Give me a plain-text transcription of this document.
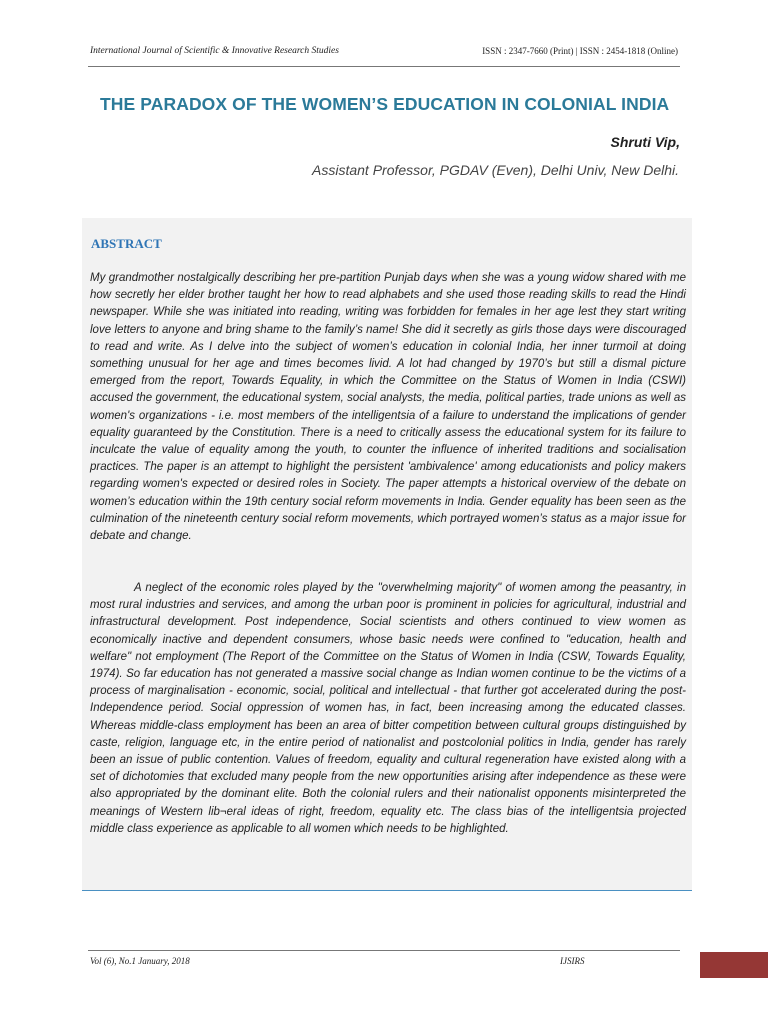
International Journal of Scientific & Innovative Research Studies	ISSN : 2347-7660 (Print) | ISSN : 2454-1818 (Online)
THE PARADOX OF THE WOMEN’S EDUCATION IN COLONIAL INDIA
Shruti Vip,
Assistant Professor, PGDAV (Even), Delhi Univ, New Delhi.
ABSTRACT

My grandmother nostalgically describing her pre-partition Punjab days when she was a young widow shared with me how secretly her elder brother taught her how to read alphabets and she used those reading skills to read the Hindi newspaper. While she was initiated into reading, writing was forbidden for females in her age lest they start writing love letters to anyone and bring shame to the family’s name! She did it secretly as girls those days were discouraged to read and write. As I delve into the subject of women’s education in colonial India, her inner turmoil at doing something unusual for her age and times becomes livid. A lot had changed by 1970’s but still a dismal picture emerged from the report, Towards Equality, in which the Committee on the Status of Women in India (CSWI) accused the government, the educational system, social analysts, the media, political parties, trade unions as well as women's organizations - i.e. most members of the intelligentsia of a failure to understand the implications of gender equality guaranteed by the Constitution. There is a need to critically assess the educational system for its failure to inculcate the value of equality among the youth, to counter the influence of inherited traditions and socialisation practices. The paper is an attempt to highlight the persistent 'ambivalence' among educationists and policy makers regarding women's expected or desired roles in Society. The paper attempts a historical overview of the debate on women’s education within the 19th century social reform movements in India. Gender equality has been seen as the culmination of the nineteenth century social reform movements, which portrayed women’s status as a major issue for debate and change.

A neglect of the economic roles played by the "overwhelming majority" of women among the peasantry, in most rural industries and services, and among the urban poor is prominent in policies for agricultural, industrial and infrastructural development. Post independence, Social scientists and others continued to view women as economically inactive and dependent consumers, whose basic needs were confined to "education, health and welfare" not employment (The Report of the Committee on the Status of Women in India (CSW, Towards Equality, 1974). So far education has not generated a massive social change as Indian women continue to be the victims of a process of marginalisation - economic, social, political and intellectual - that further got accelerated during the post-Independence period. Social oppression of women has, in fact, been increasing among the educated classes. Whereas middle-class employment has been an area of bitter competition between cultural groups distinguished by caste, religion, language etc, in the entire period of nationalist and postcolonial politics in India, gender has rarely been an issue of public contention. Values of freedom, equality and cultural regeneration have existed along with a set of dichotomies that excluded many people from the new opportunities arising after independence as these were also appropriated by the dominant elite. Both the colonial rulers and their nationalist opponents misinterpreted the meanings of Western lib¬eral ideas of right, freedom, equality etc. The class bias of the intelligentsia projected middle class experience as applicable to all women which needs to be highlighted.

Vol (6), No.1 January, 2018	IJSIRS
